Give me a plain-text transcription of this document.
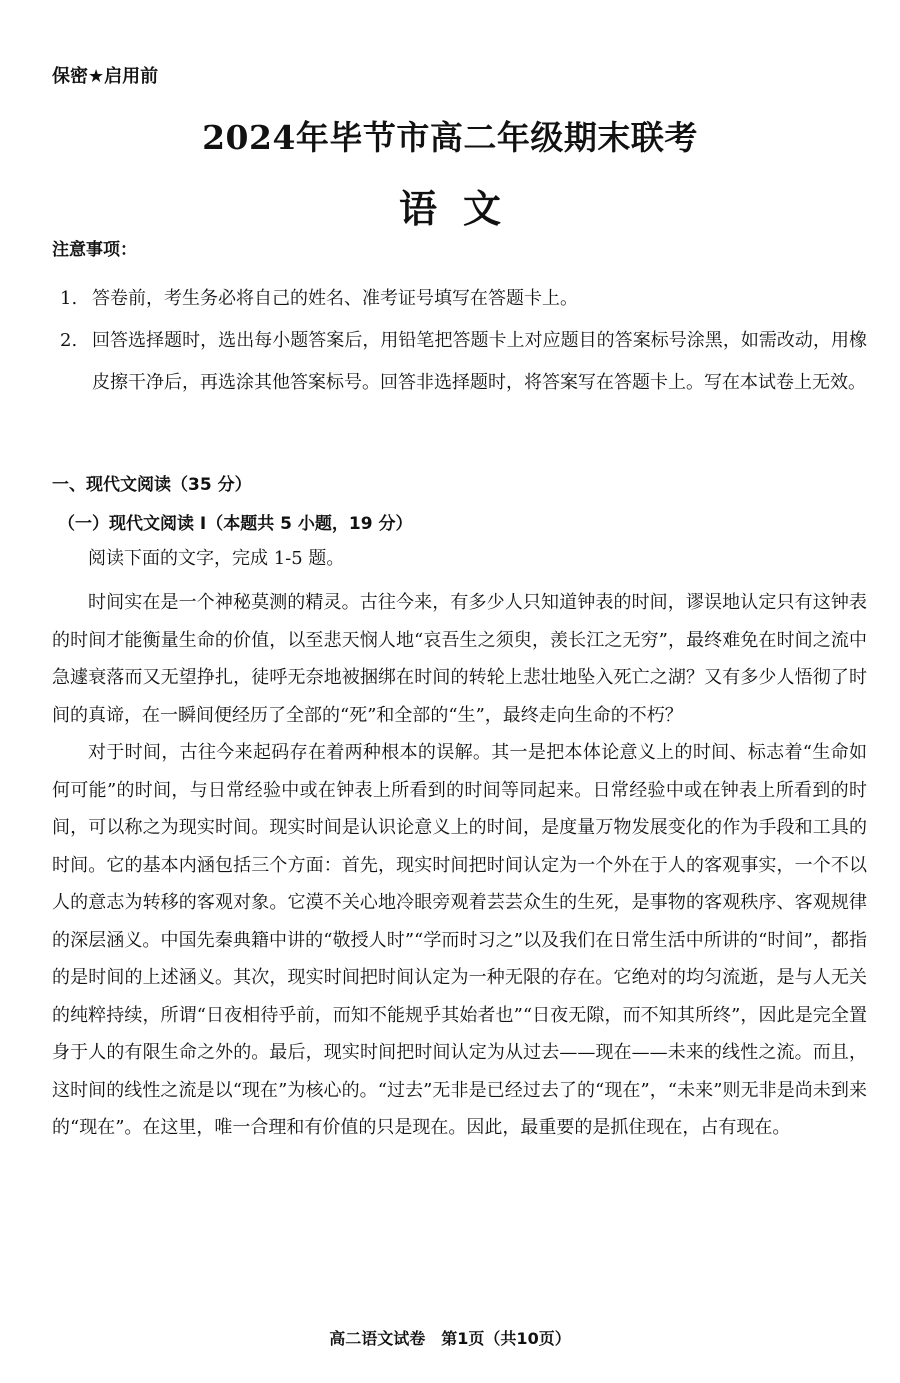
保密★启用前
2024年毕节市高二年级期末联考
语文
注意事项：
1. 答卷前，考生务必将自己的姓名、准考证号填写在答题卡上。
2. 回答选择题时，选出每小题答案后，用铅笔把答题卡上对应题目的答案标号涂黑，如需改动，用橡皮擦干净后，再选涂其他答案标号。回答非选择题时，将答案写在答题卡上。写在本试卷上无效。
一、现代文阅读（35 分）
（一）现代文阅读 I（本题共 5 小题，19 分）
阅读下面的文字，完成 1-5 题。

时间实在是一个神秘莫测的精灵。古往今来，有多少人只知道钟表的时间，谬误地认定只有这钟表的时间才能衡量生命的价值，以至悲天悯人地“哀吾生之须臾，羡长江之无穷”，最终难免在时间之流中急遽衰落而又无望挣扎，徒呼无奈地被捆绑在时间的转轮上悲壮地坠入死亡之湖？又有多少人悟彻了时间的真谛，在一瞬间便经历了全部的“死”和全部的“生”，最终走向生命的不朽？

对于时间，古往今来起码存在着两种根本的误解。其一是把本体论意义上的时间、标志着“生命如何可能”的时间，与日常经验中或在钟表上所看到的时间等同起来。日常经验中或在钟表上所看到的时间，可以称之为现实时间。现实时间是认识论意义上的时间，是度量万物发展变化的作为手段和工具的时间。它的基本内涵包括三个方面：首先，现实时间把时间认定为一个外在于人的客观事实，一个不以人的意志为转移的客观对象。它漠不关心地冷眼旁观着芸芸众生的生死，是事物的客观秩序、客观规律的深层涵义。中国先秦典籍中讲的“敬授人时”“学而时习之”以及我们在日常生活中所讲的“时间”，都指的是时间的上述涵义。其次，现实时间把时间认定为一种无限的存在。它绝对的均匀流逝，是与人无关的纯粹持续，所谓“日夜相待乎前，而知不能规乎其始者也”“日夜无隙，而不知其所终”，因此是完全置身于人的有限生命之外的。最后，现实时间把时间认定为从过去——现在——未来的线性之流。而且，这时间的线性之流是以“现在”为核心的。“过去”无非是已经过去了的“现在”，“未来”则无非是尚未到来的“现在”。在这里，唯一合理和有价值的只是现在。因此，最重要的是抓住现在，占有现在。

高二语文试卷　第1页（共10页）
